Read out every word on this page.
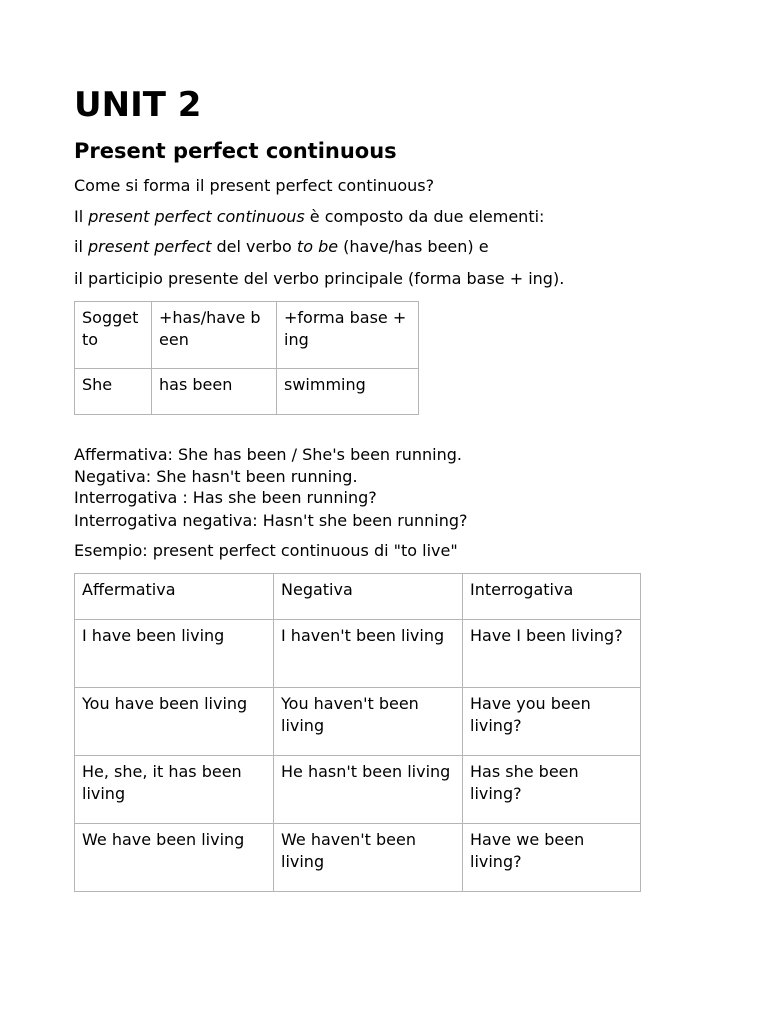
UNIT 2
Present perfect continuous

Come si forma il present perfect continuous?

Il present perfect continuous è composto da due elementi:

il present perfect del verbo to be (have/has been) e

il participio presente del verbo principale (forma base + ing).

Soggetto	+has/have been	+forma base + ing
She	has been	swimming

Affermativa: She has been / She's been running.

Negativa: She hasn't been running.

Interrogativa : Has she been running?

Interrogativa negativa: Hasn't she been running?

Esempio: present perfect continuous di "to live"

Affermativa	Negativa	Interrogativa
I have been living	I haven't been living	Have I been living?
You have been living	You haven't been living	Have you been living?
He, she, it has been living	He hasn't been living	Has she been living?
We have been living	We haven't been living	Have we been living?
